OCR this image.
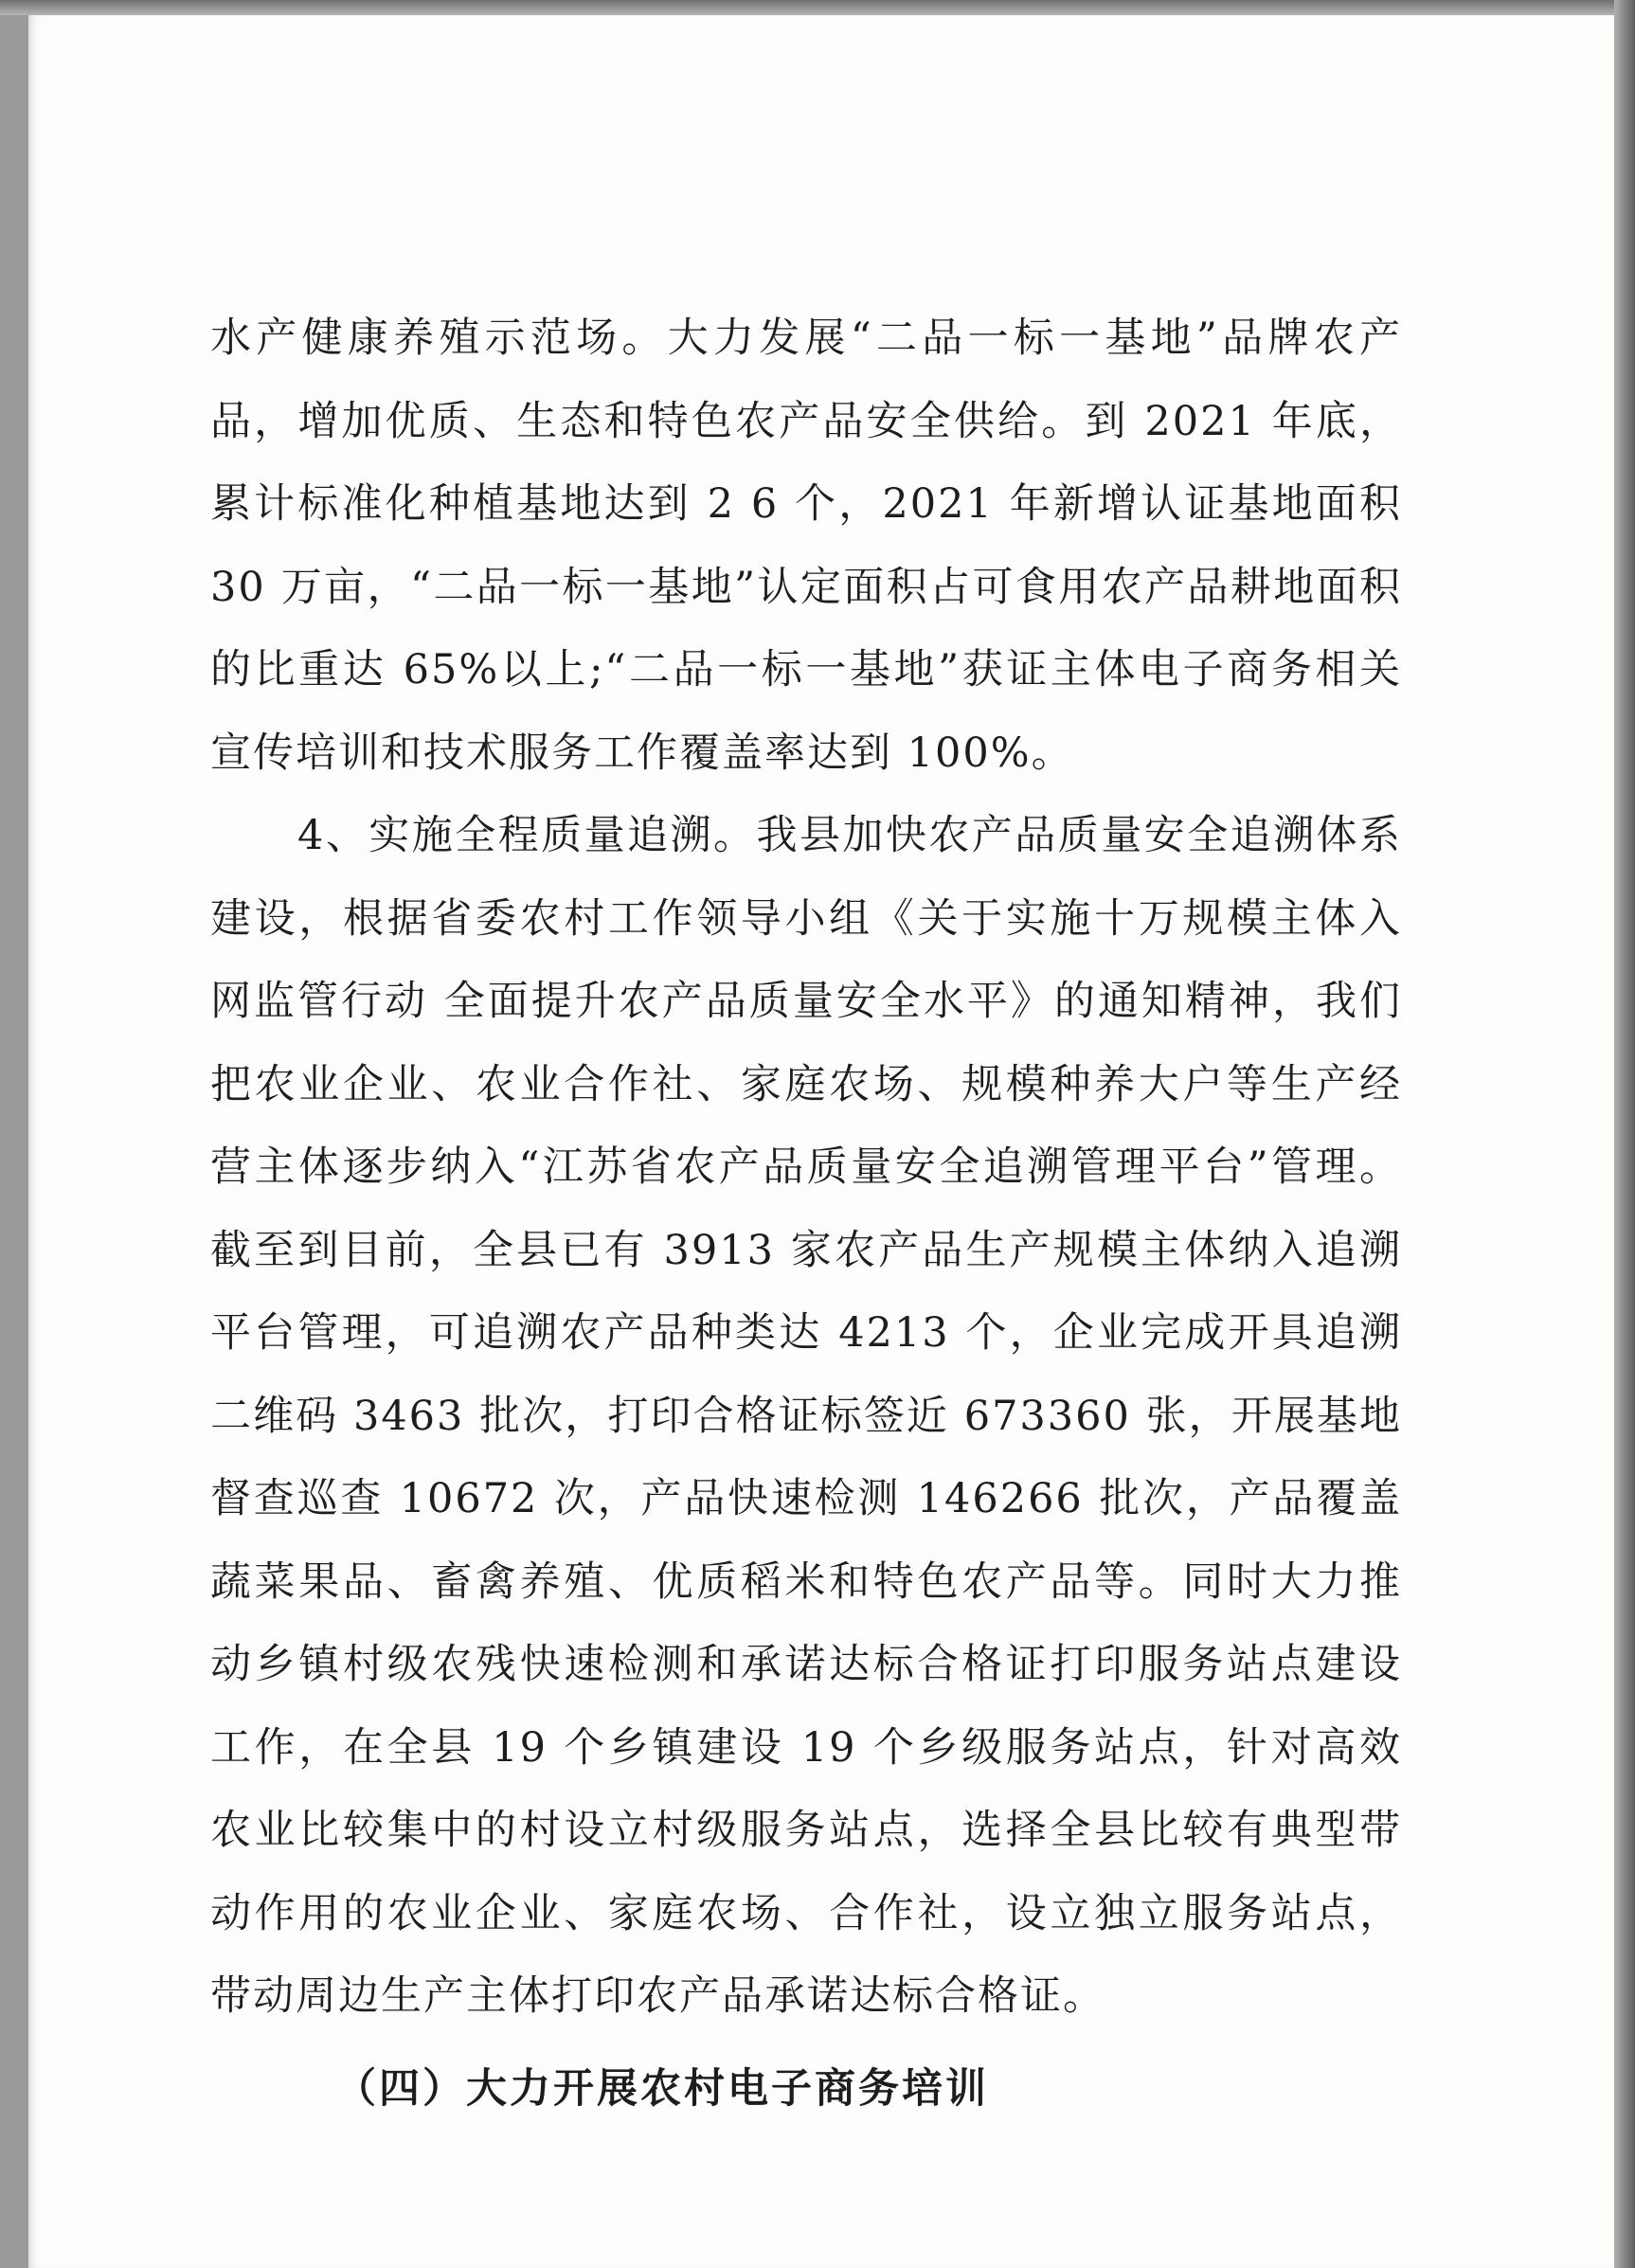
水产健康养殖示范场。大力发展“二品一标一基地”品牌农产品，增加优质、生态和特色农产品安全供给。到 2021 年底，累计标准化种植基地达到 2 6 个，2021 年新增认证基地面积 30 万亩，“二品一标一基地”认定面积占可食用农产品耕地面积的比重达 65%以上;“二品一标一基地”获证主体电子商务相关宣传培训和技术服务工作覆盖率达到 100%。

4、实施全程质量追溯。我县加快农产品质量安全追溯体系建设，根据省委农村工作领导小组《关于实施十万规模主体入网监管行动 全面提升农产品质量安全水平》的通知精神，我们把农业企业、农业合作社、家庭农场、规模种养大户等生产经营主体逐步纳入“江苏省农产品质量安全追溯管理平台”管理。截至到目前，全县已有 3913 家农产品生产规模主体纳入追溯平台管理，可追溯农产品种类达 4213 个，企业完成开具追溯二维码 3463 批次，打印合格证标签近 673360 张，开展基地督查巡查 10672 次，产品快速检测 146266 批次，产品覆盖蔬菜果品、畜禽养殖、优质稻米和特色农产品等。同时大力推动乡镇村级农残快速检测和承诺达标合格证打印服务站点建设工作，在全县 19 个乡镇建设 19 个乡级服务站点，针对高效农业比较集中的村设立村级服务站点，选择全县比较有典型带动作用的农业企业、家庭农场、合作社，设立独立服务站点，带动周边生产主体打印农产品承诺达标合格证。

（四）大力开展农村电子商务培训
